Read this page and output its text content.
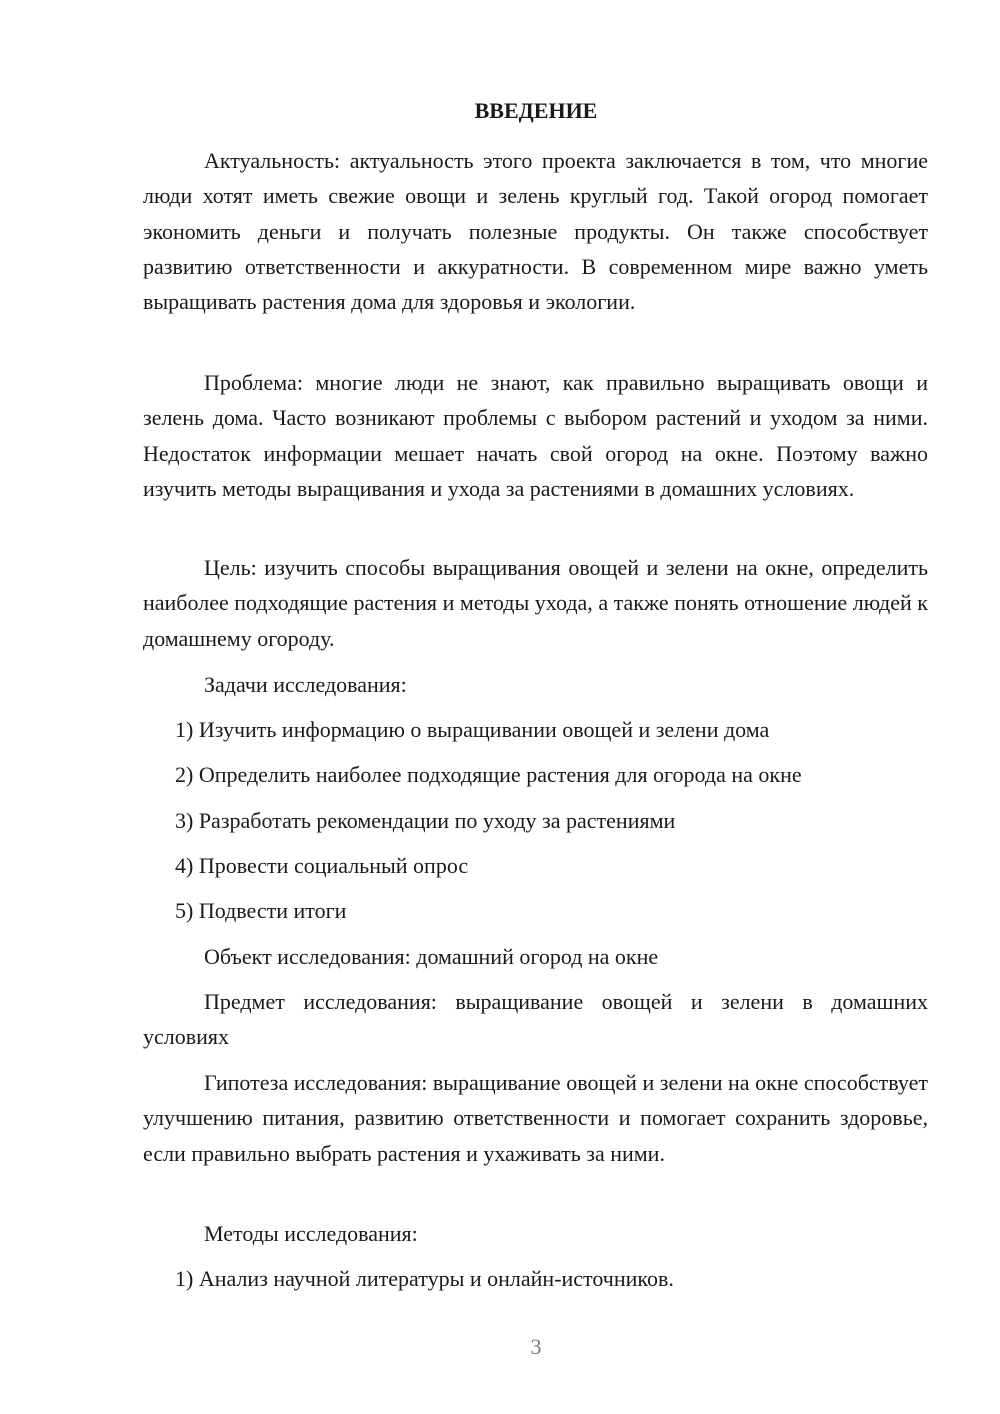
ВВЕДЕНИЕ

Актуальность: актуальность этого проекта заключается в том, что многие люди хотят иметь свежие овощи и зелень круглый год. Такой огород помогает экономить деньги и получать полезные продукты. Он также способствует развитию ответственности и аккуратности. В современном мире важно уметь выращивать растения дома для здоровья и экологии.

Проблема: многие люди не знают, как правильно выращивать овощи и зелень дома. Часто возникают проблемы с выбором растений и уходом за ними. Недостаток информации мешает начать свой огород на окне. Поэтому важно изучить методы выращивания и ухода за растениями в домашних условиях.

Цель: изучить способы выращивания овощей и зелени на окне, определить наиболее подходящие растения и методы ухода, а также понять отношение людей к домашнему огороду.

Задачи исследования:

1) Изучить информацию о выращивании овощей и зелени дома

2) Определить наиболее подходящие растения для огорода на окне

3) Разработать рекомендации по уходу за растениями

4) Провести социальный опрос

5) Подвести итоги

Объект исследования: домашний огород на окне

Предмет исследования: выращивание овощей и зелени в домашних условиях

Гипотеза исследования: выращивание овощей и зелени на окне способствует улучшению питания, развитию ответственности и помогает сохранить здоровье, если правильно выбрать растения и ухаживать за ними.

Методы исследования:

1) Анализ научной литературы и онлайн-источников.

3
